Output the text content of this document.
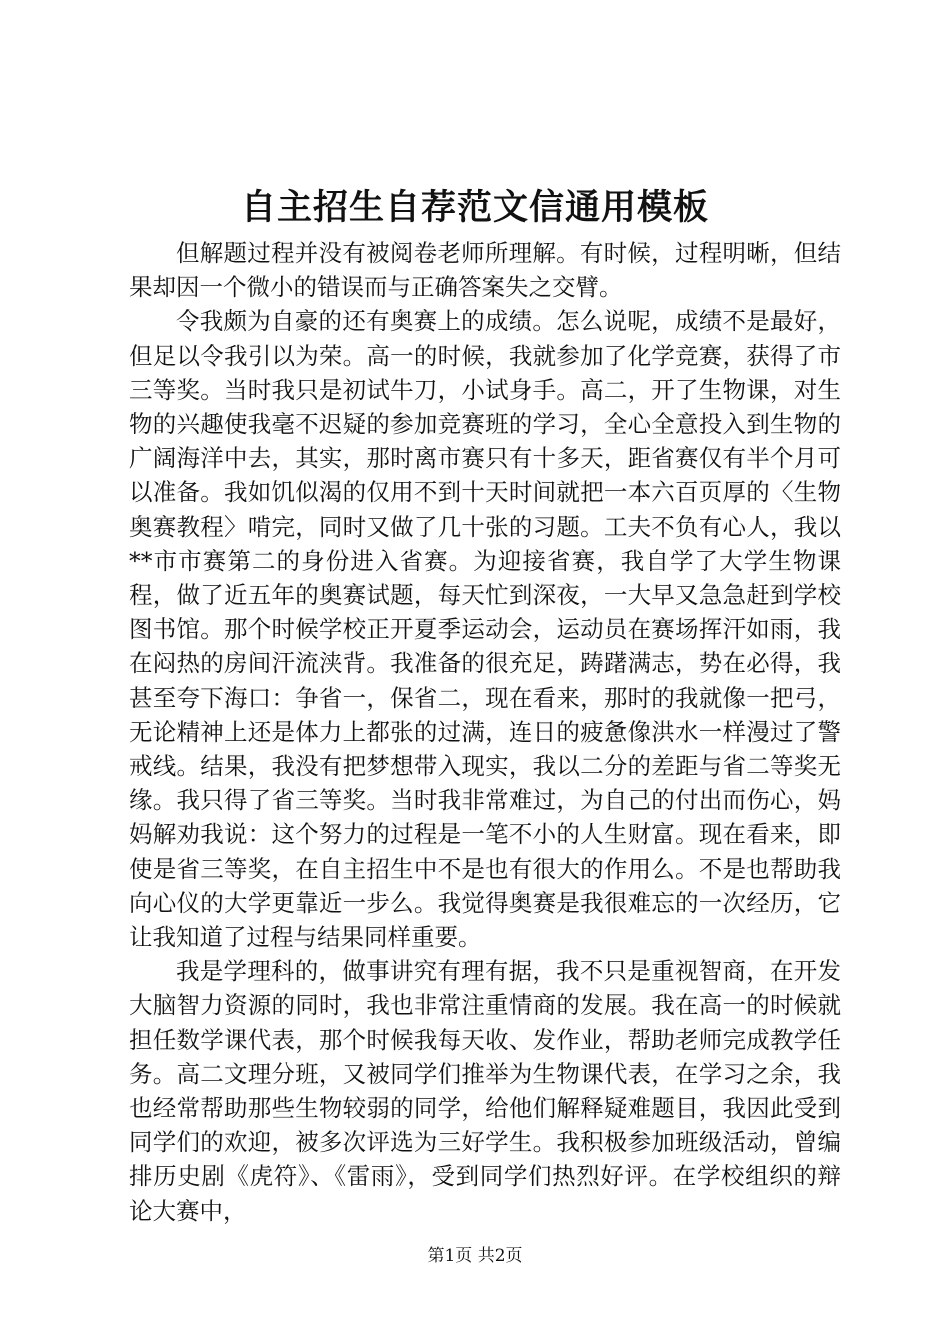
自主招生自荐范文信通用模板

但解题过程并没有被阅卷老师所理解。有时候，过程明晰，但结果却因一个微小的错误而与正确答案失之交臂。

令我颇为自豪的还有奥赛上的成绩。怎么说呢，成绩不是最好，但足以令我引以为荣。高一的时候，我就参加了化学竞赛，获得了市三等奖。当时我只是初试牛刀，小试身手。高二，开了生物课，对生物的兴趣使我毫不迟疑的参加竞赛班的学习，全心全意投入到生物的广阔海洋中去，其实，那时离市赛只有十多天，距省赛仅有半个月可以准备。我如饥似渴的仅用不到十天时间就把一本六百页厚的〈生物奥赛教程〉啃完，同时又做了几十张的习题。工夫不负有心人，我以**市市赛第二的身份进入省赛。为迎接省赛，我自学了大学生物课程，做了近五年的奥赛试题，每天忙到深夜，一大早又急急赶到学校图书馆。那个时候学校正开夏季运动会，运动员在赛场挥汗如雨，我在闷热的房间汗流浃背。我准备的很充足，踌躇满志，势在必得，我甚至夸下海口：争省一，保省二，现在看来，那时的我就像一把弓，无论精神上还是体力上都张的过满，连日的疲惫像洪水一样漫过了警戒线。结果，我没有把梦想带入现实，我以二分的差距与省二等奖无缘。我只得了省三等奖。当时我非常难过，为自己的付出而伤心，妈妈解劝我说：这个努力的过程是一笔不小的人生财富。现在看来，即使是省三等奖，在自主招生中不是也有很大的作用么。不是也帮助我向心仪的大学更靠近一步么。我觉得奥赛是我很难忘的一次经历，它让我知道了过程与结果同样重要。

我是学理科的，做事讲究有理有据，我不只是重视智商，在开发大脑智力资源的同时，我也非常注重情商的发展。我在高一的时候就担任数学课代表，那个时候我每天收、发作业，帮助老师完成教学任务。高二文理分班，又被同学们推举为生物课代表，在学习之余，我也经常帮助那些生物较弱的同学，给他们解释疑难题目，我因此受到同学们的欢迎，被多次评选为三好学生。我积极参加班级活动，曾编排历史剧《虎符》、《雷雨》，受到同学们热烈好评。在学校组织的辩论大赛中，

第1页 共2页
